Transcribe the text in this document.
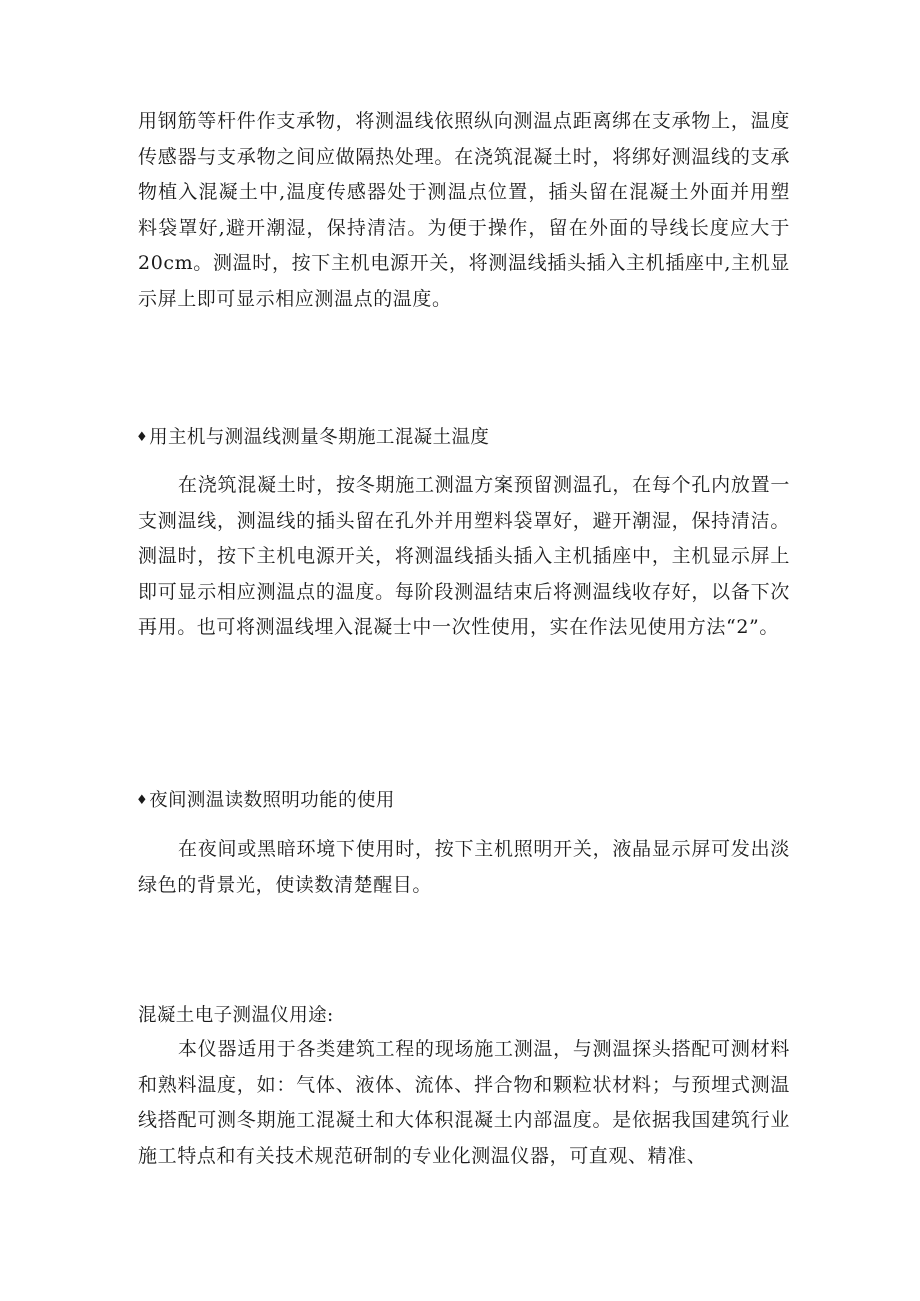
用钢筋等杆件作支承物，将测温线依照纵向测温点距离绑在支承物上，温度传感器与支承物之间应做隔热处理。在浇筑混凝土时，将绑好测温线的支承物植入混凝土中,温度传感器处于测温点位置，插头留在混凝土外面并用塑料袋罩好,避开潮湿，保持清洁。为便于操作，留在外面的导线长度应大于20cm。测温时，按下主机电源开关，将测温线插头插入主机插座中,主机显示屏上即可显示相应测温点的温度。

♦用主机与测温线测量冬期施工混凝土温度

在浇筑混凝土时，按冬期施工测温方案预留测温孔，在每个孔内放置一支测温线，测温线的插头留在孔外并用塑料袋罩好，避开潮湿，保持清洁。测温时，按下主机电源开关，将测温线插头插入主机插座中，主机显示屏上即可显示相应测温点的温度。每阶段测温结束后将测温线收存好，以备下次再用。也可将测温线埋入混凝士中一次性使用，实在作法见使用方法“2”。

♦夜间测温读数照明功能的使用

在夜间或黑暗环境下使用时，按下主机照明开关，液晶显示屏可发出淡绿色的背景光，使读数清楚醒目。

混凝土电子测温仪用途:

本仪器适用于各类建筑工程的现场施工测温，与测温探头搭配可测材料和熟料温度，如：气体、液体、流体、拌合物和颗粒状材料；与预埋式测温线搭配可测冬期施工混凝土和大体积混凝土内部温度。是依据我国建筑行业施工特点和有关技术规范研制的专业化测温仪器，可直观、精准、
